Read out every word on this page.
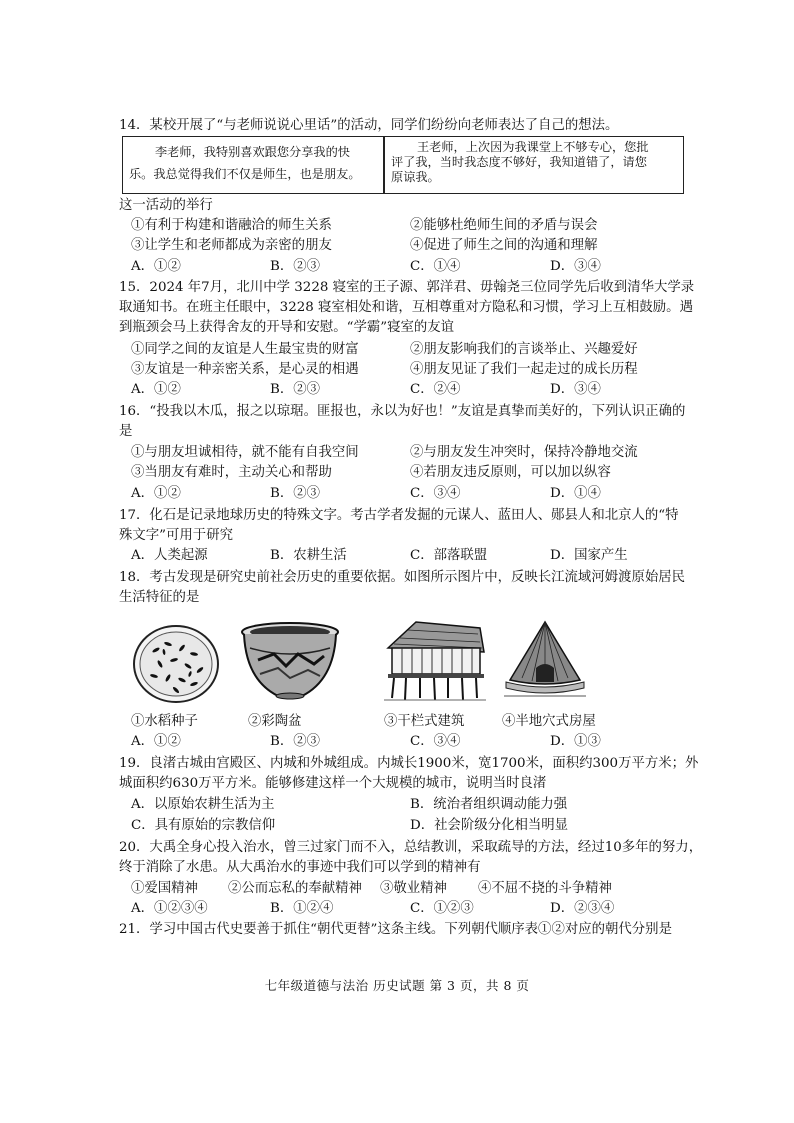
14．某校开展了“与老师说说心里话”的活动，同学们纷纷向老师表达了自己的想法。
李老师，我特别喜欢跟您分享我的快
乐。我总觉得我们不仅是师生，也是朋友。
王老师，上次因为我课堂上不够专心，您批
评了我，当时我态度不够好，我知道错了，请您
原谅我。
这一活动的举行
①有利于构建和谐融洽的师生关系	②能够杜绝师生间的矛盾与误会
③让学生和老师都成为亲密的朋友	④促进了师生之间的沟通和理解
A．①②	B．②③	C．①④	D．③④
15．2024 年7月，北川中学 3228 寝室的王子源、郭洋君、毋翰尧三位同学先后收到清华大学录
取通知书。在班主任眼中，3228 寝室相处和谐，互相尊重对方隐私和习惯，学习上互相鼓励。遇
到瓶颈会马上获得舍友的开导和安慰。“学霸”寝室的友谊
①同学之间的友谊是人生最宝贵的财富	②朋友影响我们的言谈举止、兴趣爱好
③友谊是一种亲密关系，是心灵的相遇	④朋友见证了我们一起走过的成长历程
A．①②	B．②③	C．②④	D．③④
16．“投我以木瓜，报之以琼琚。匪报也，永以为好也！”友谊是真挚而美好的，下列认识正确的
是
①与朋友坦诚相待，就不能有自我空间	②与朋友发生冲突时，保持冷静地交流
③当朋友有难时，主动关心和帮助	④若朋友违反原则，可以加以纵容
A．①②	B．②③	C．③④	D．①④
17．化石是记录地球历史的特殊文字。考古学者发掘的元谋人、蓝田人、郧县人和北京人的“特
殊文字”可用于研究
A．人类起源	B．农耕生活	C．部落联盟	D．国家产生
18．考古发现是研究史前社会历史的重要依据。如图所示图片中，反映长江流域河姆渡原始居民
生活特征的是
①水稻种子	②彩陶盆	③干栏式建筑	④半地穴式房屋
A．①②	B．②③	C．③④	D．①③
19．良渚古城由宫殿区、内城和外城组成。内城长1900米，宽1700米，面积约300万平方米；外
城面积约630万平方米。能够修建这样一个大规模的城市，说明当时良渚
A．以原始农耕生活为主	B．统治者组织调动能力强
C．具有原始的宗教信仰	D．社会阶级分化相当明显
20．大禹全身心投入治水，曾三过家门而不入，总结教训，采取疏导的方法，经过10多年的努力，
终于消除了水患。从大禹治水的事迹中我们可以学到的精神有
①爱国精神 ②公而忘私的奉献精神 ③敬业精神 ④不屈不挠的斗争精神
A．①②③④	B．①②④	C．①②③	D．②③④
21．学习中国古代史要善于抓住“朝代更替”这条主线。下列朝代顺序表①②对应的朝代分别是
七年级道德与法治 历史试题 第 3 页，共 8 页
